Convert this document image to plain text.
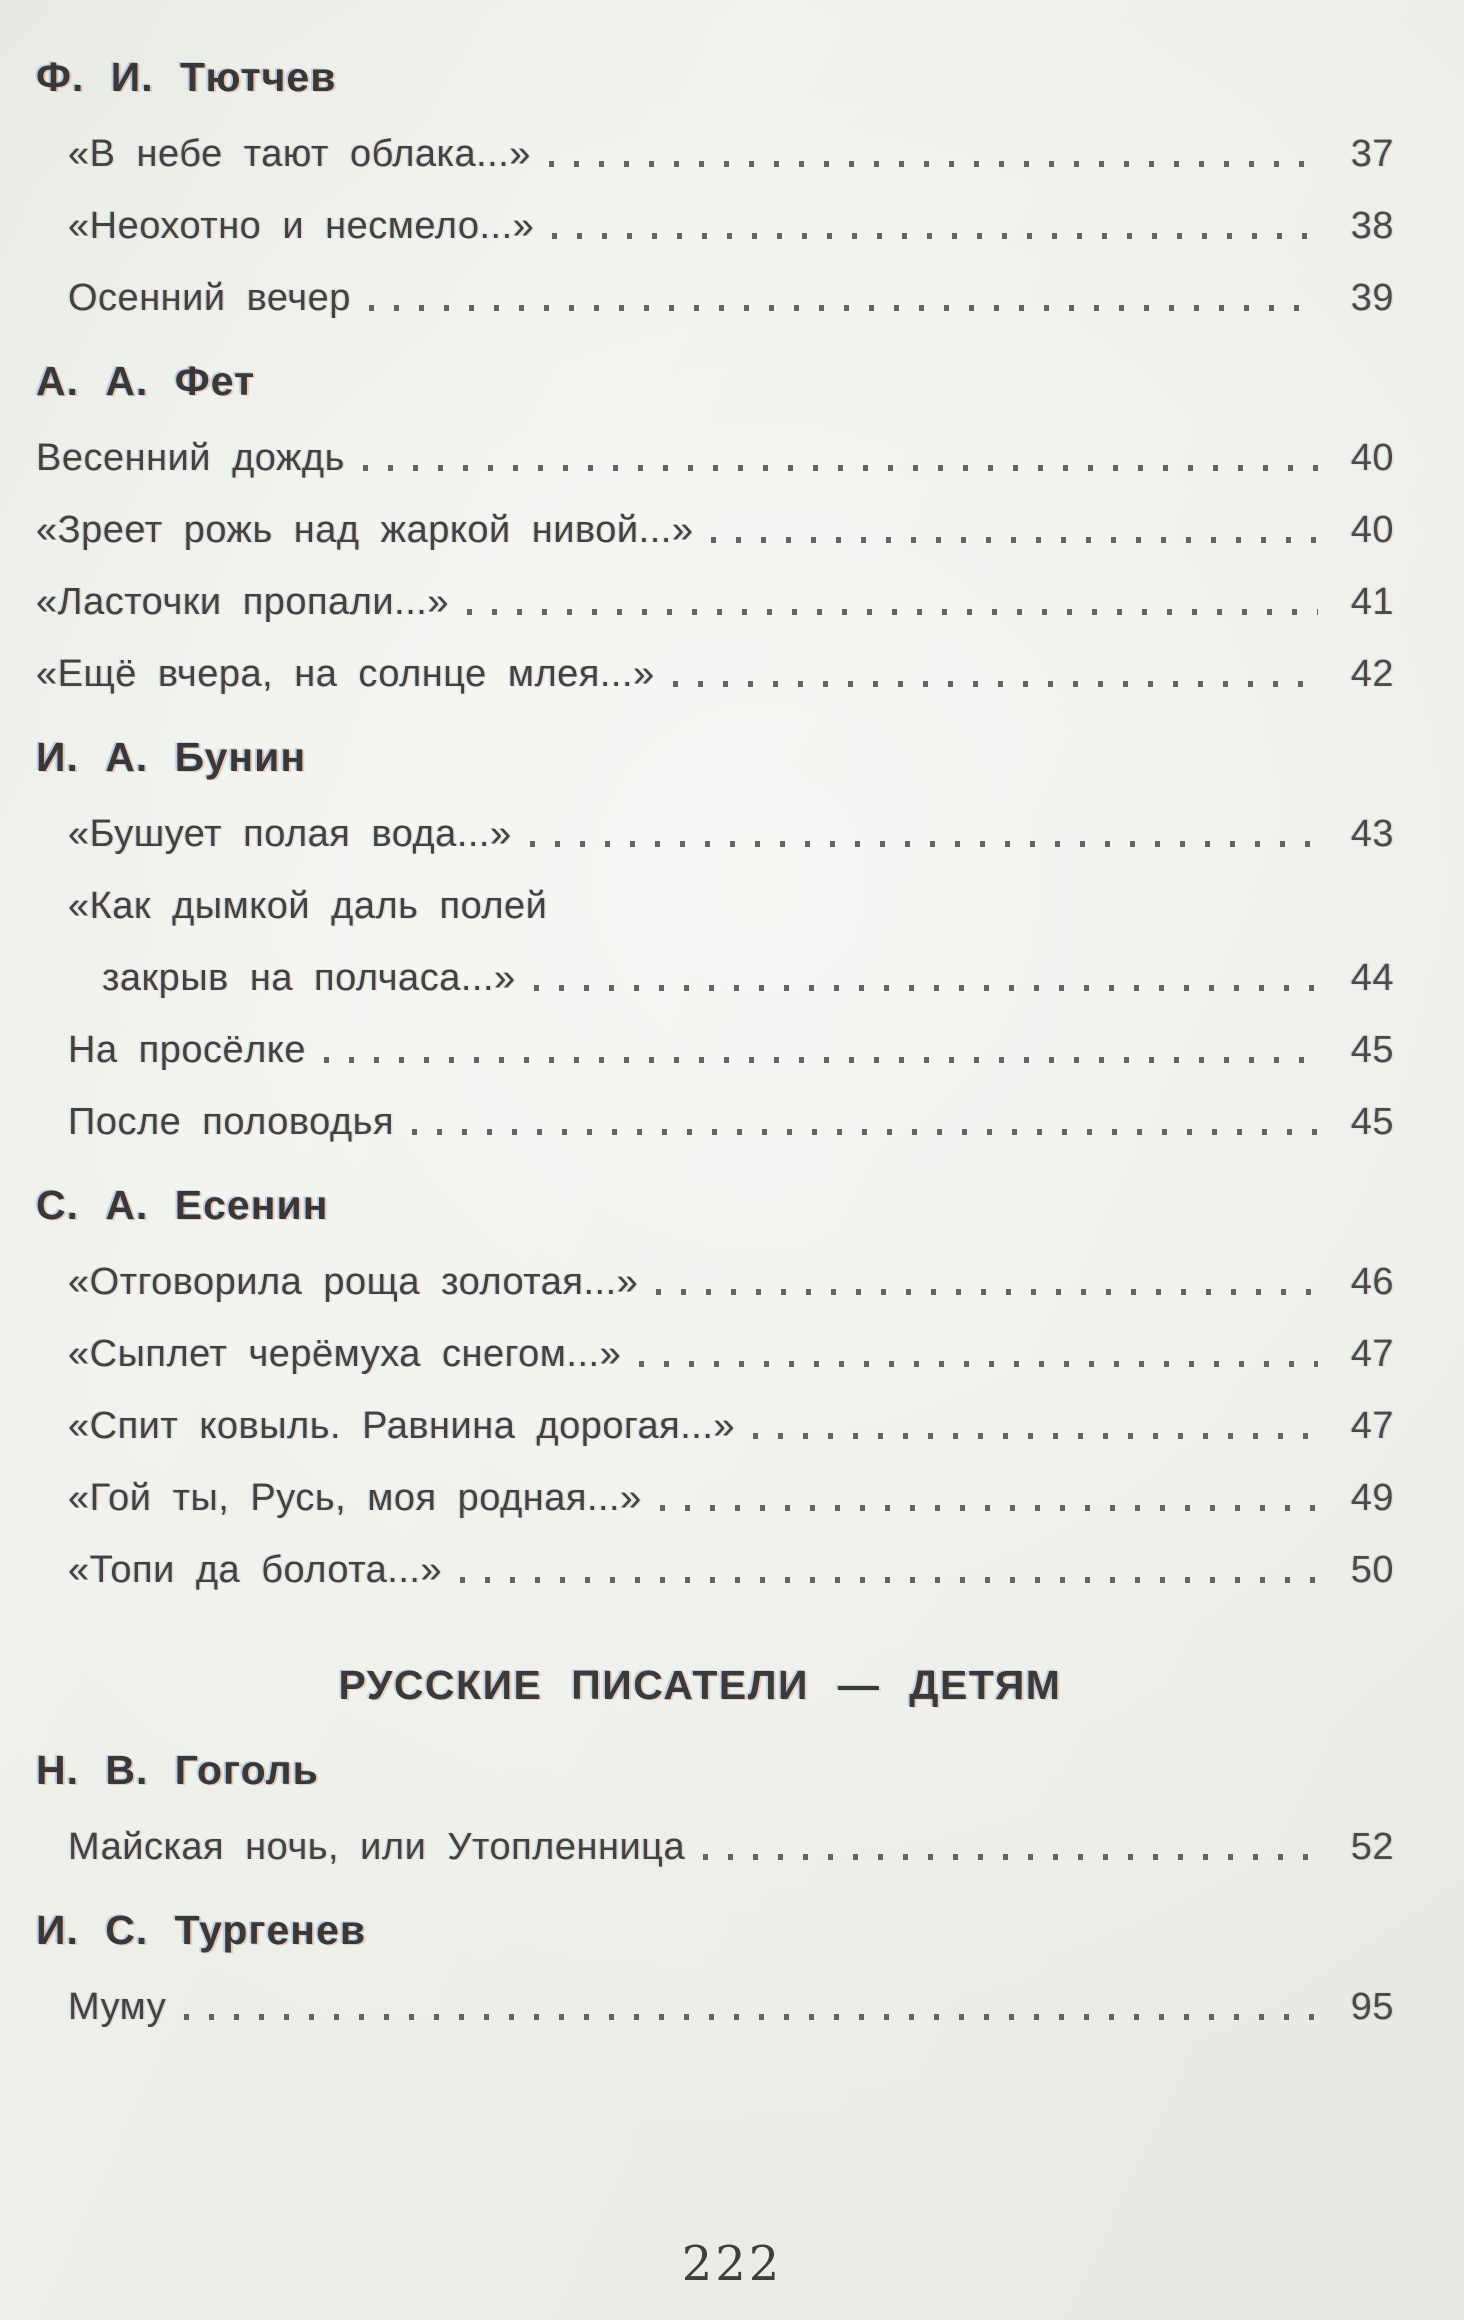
Ф. И. Тютчев
«В небе тают облака...»	37
«Неохотно и несмело...»	38
Осенний вечер	39
А. А. Фет
Весенний дождь	40
«Зреет рожь над жаркой нивой...»	40
«Ласточки пропали...»	41
«Ещё вчера, на солнце млея...»	42
И. А. Бунин
«Бушует полая вода...»	43
«Как дымкой даль полей
закрыв на полчаса...»	44
На просёлке	45
После половодья	45
С. А. Есенин
«Отговорила роща золотая...»	46
«Сыплет черёмуха снегом...»	47
«Спит ковыль. Равнина дорогая...»	47
«Гой ты, Русь, моя родная...»	49
«Топи да болота...»	50
РУССКИЕ ПИСАТЕЛИ — ДЕТЯМ
Н. В. Гоголь
Майская ночь, или Утопленница	52
И. С. Тургенев
Муму	95
222
